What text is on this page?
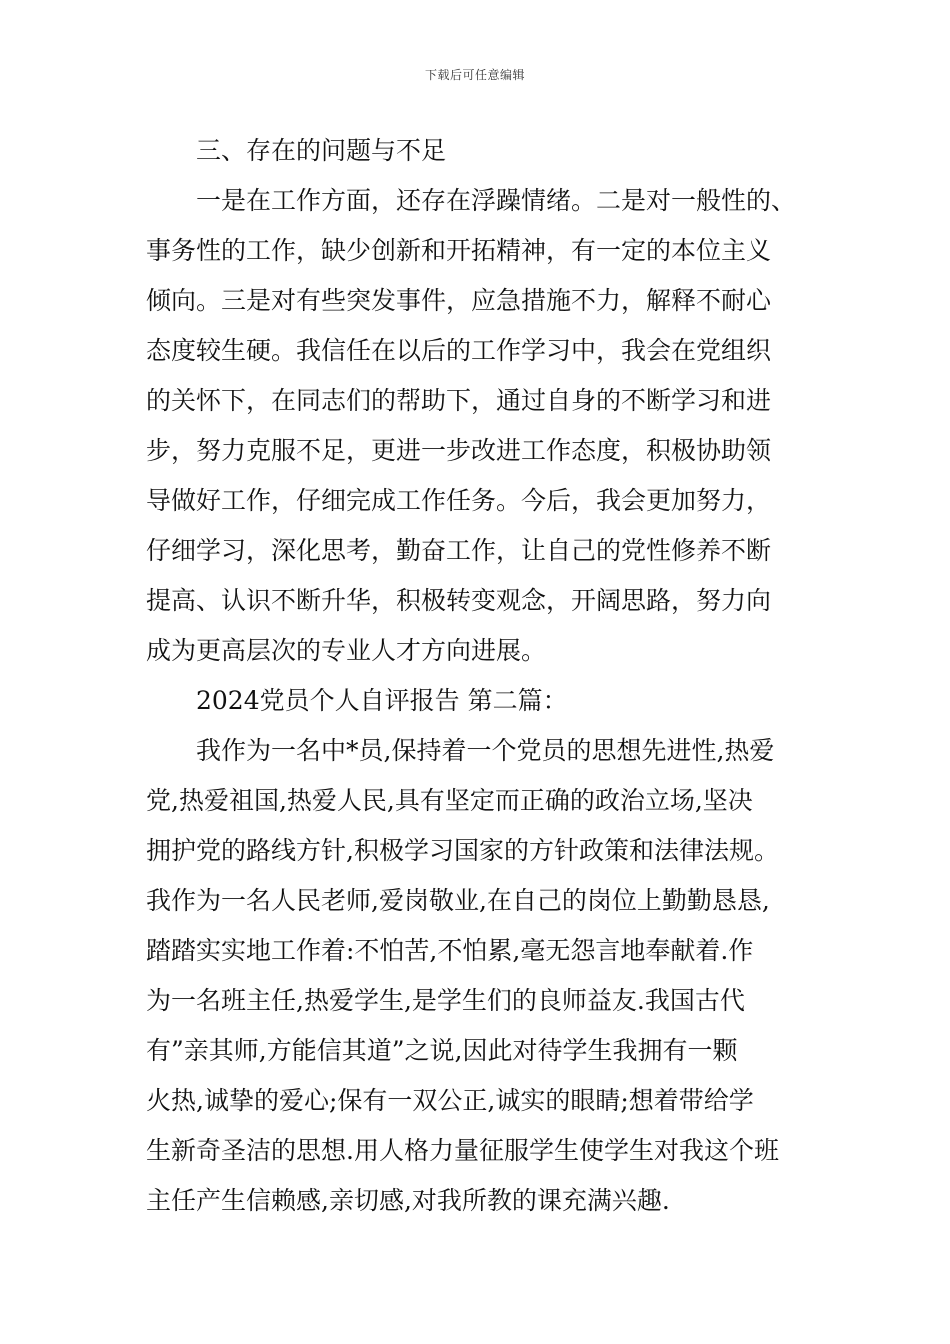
下载后可任意编辑
三、存在的问题与不足
一是在工作方面，还存在浮躁情绪。二是对一般性的、
事务性的工作，缺少创新和开拓精神，有一定的本位主义
倾向。三是对有些突发事件，应急措施不力，解释不耐心
态度较生硬。我信任在以后的工作学习中，我会在党组织
的关怀下，在同志们的帮助下，通过自身的不断学习和进
步，努力克服不足，更进一步改进工作态度，积极协助领
导做好工作，仔细完成工作任务。今后，我会更加努力，
仔细学习，深化思考，勤奋工作，让自己的党性修养不断
提高、认识不断升华，积极转变观念，开阔思路，努力向
成为更高层次的专业人才方向进展。
2024党员个人自评报告 第二篇：
我作为一名中*员,保持着一个党员的思想先进性,热爱
党,热爱祖国,热爱人民,具有坚定而正确的政治立场,坚决
拥护党的路线方针,积极学习国家的方针政策和法律法规。
我作为一名人民老师,爱岗敬业,在自己的岗位上勤勤恳恳,
踏踏实实地工作着:不怕苦,不怕累,毫无怨言地奉献着.作
为一名班主任,热爱学生,是学生们的良师益友.我国古代
有”亲其师,方能信其道”之说,因此对待学生我拥有一颗
火热,诚挚的爱心;保有一双公正,诚实的眼睛;想着带给学
生新奇圣洁的思想.用人格力量征服学生使学生对我这个班
主任产生信赖感,亲切感,对我所教的课充满兴趣.
